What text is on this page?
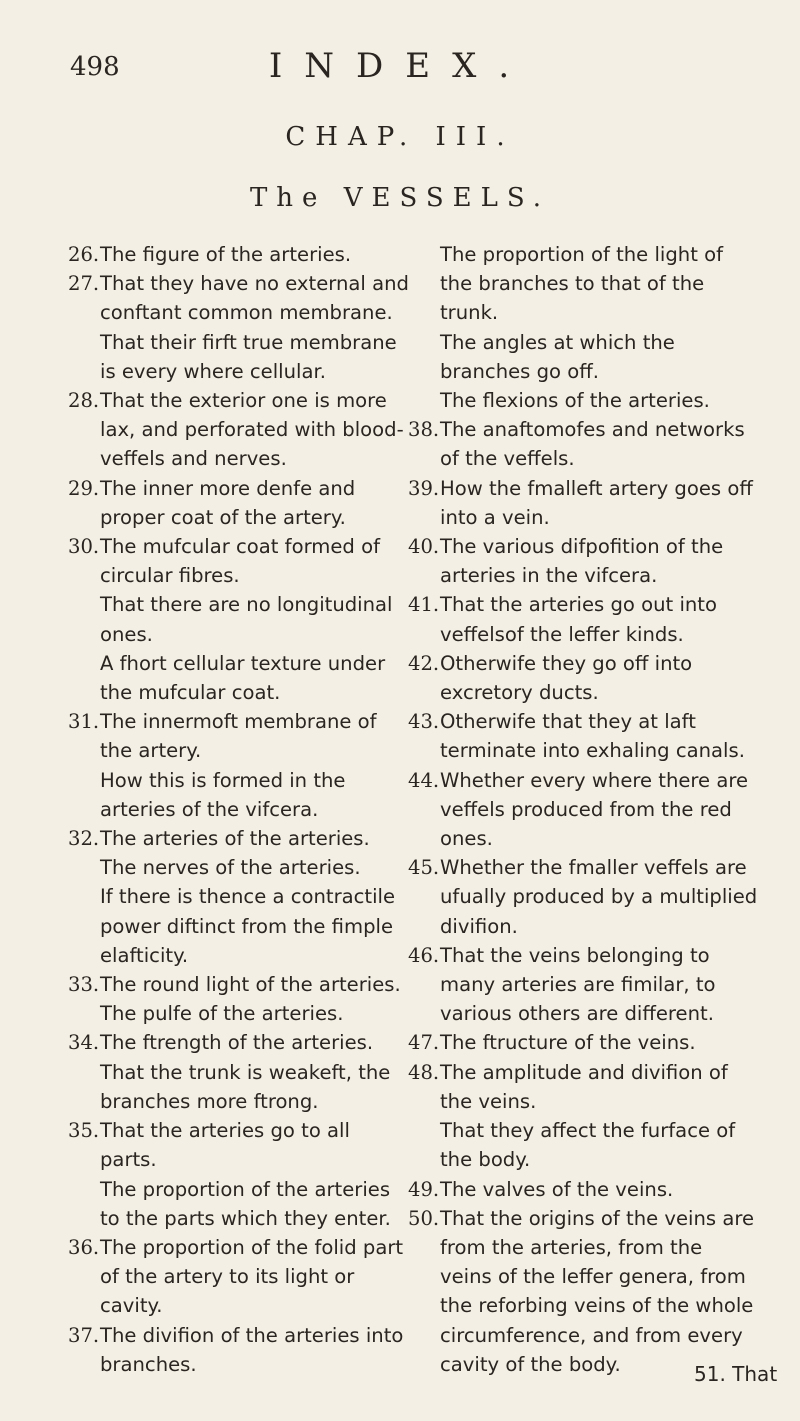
498	INDEX.
CHAP. III.
The VESSELS.
26. The figure of the arteries.
27. That they have no external and conftant common membrane.
That their firft true membrane is every where cellular.
28. That the exterior one is more lax, and perforated with blood-veffels and nerves.
29. The inner more denfe and proper coat of the artery.
30. The mufcular coat formed of circular fibres.
That there are no longitudinal ones.
A fhort cellular texture under the mufcular coat.
31. The innermoft membrane of the artery.
How this is formed in the arteries of the vifcera.
32. The arteries of the arteries.
The nerves of the arteries.
If there is thence a contractile power diftinct from the fimple elafticity.
33. The round light of the arteries.
The pulfe of the arteries.
34. The ftrength of the arteries.
That the trunk is weakeft, the branches more ftrong.
35. That the arteries go to all parts.
The proportion of the arteries to the parts which they enter.
36. The proportion of the folid part of the artery to its light or cavity.
37. The divifion of the arteries into branches.
The proportion of the light of the branches to that of the trunk.
The angles at which the branches go off.
The flexions of the arteries.
38. The anaftomofes and networks of the veffels.
39. How the fmalleft artery goes off into a vein.
40. The various difpofition of the arteries in the vifcera.
41. That the arteries go out into veffelsof the leffer kinds.
42. Otherwife they go off into excretory ducts.
43. Otherwife that they at laft terminate into exhaling canals.
44. Whether every where there are veffels produced from the red ones.
45. Whether the fmaller veffels are ufually produced by a multiplied divifion.
46. That the veins belonging to many arteries are fimilar, to various others are different.
47. The ftructure of the veins.
48. The amplitude and divifion of the veins.
That they affect the furface of the body.
49. The valves of the veins.
50. That the origins of the veins are from the arteries, from the veins of the leffer genera, from the reforbing veins of the whole circumference, and from every cavity of the body.	51. That
